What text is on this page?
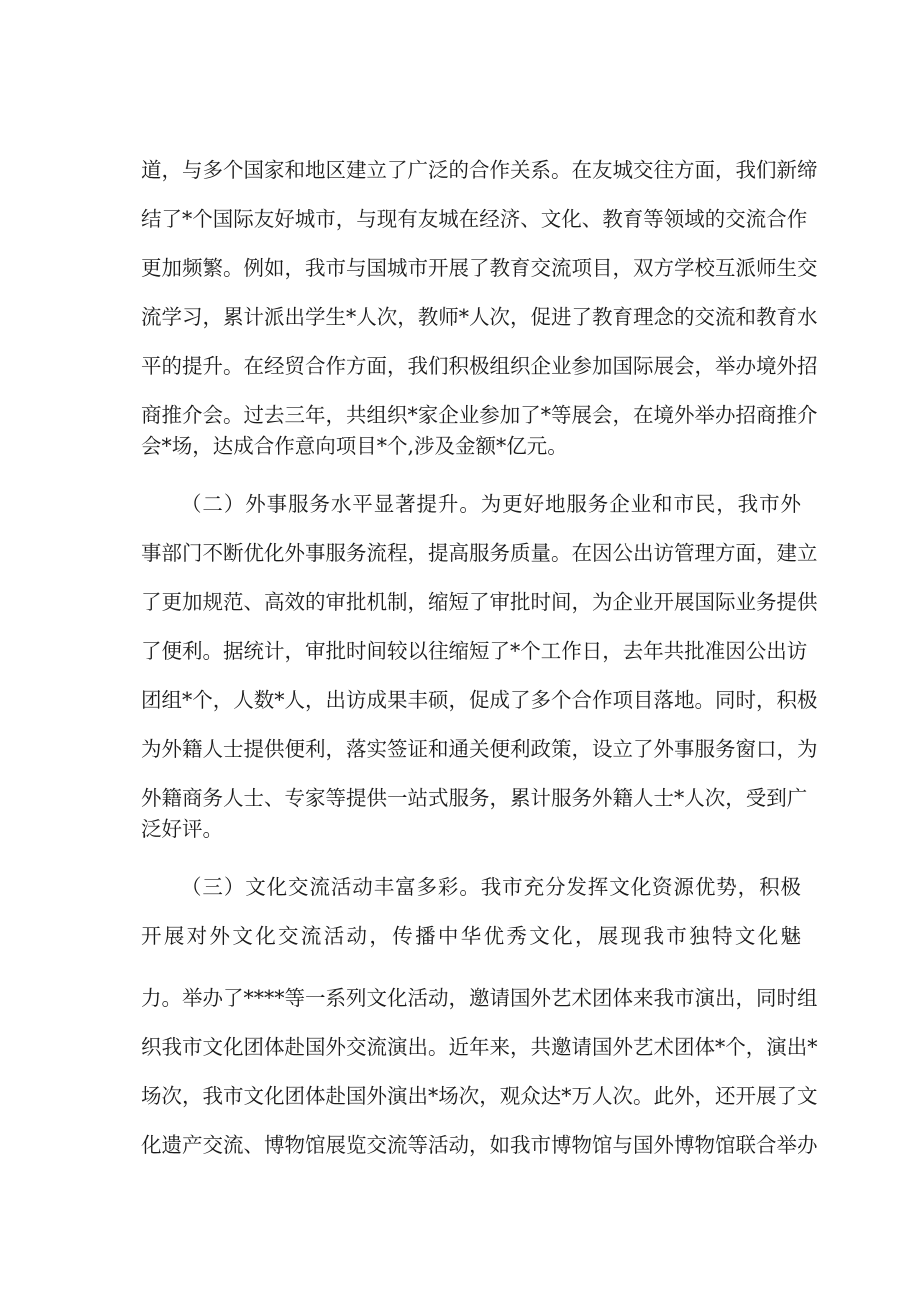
道，与多个国家和地区建立了广泛的合作关系。在友城交往方面，我们新缔
结了*个国际友好城市，与现有友城在经济、文化、教育等领域的交流合作
更加频繁。例如，我市与国城市开展了教育交流项目，双方学校互派师生交
流学习，累计派出学生*人次，教师*人次，促进了教育理念的交流和教育水
平的提升。在经贸合作方面，我们积极组织企业参加国际展会，举办境外招
商推介会。过去三年，共组织*家企业参加了*等展会，在境外举办招商推介
会*场，达成合作意向项目*个,涉及金额*亿元。
（二）外事服务水平显著提升。为更好地服务企业和市民，我市外
事部门不断优化外事服务流程，提高服务质量。在因公出访管理方面，建立
了更加规范、高效的审批机制，缩短了审批时间，为企业开展国际业务提供
了便利。据统计，审批时间较以往缩短了*个工作日，去年共批准因公出访
团组*个，人数*人，出访成果丰硕，促成了多个合作项目落地。同时，积极
为外籍人士提供便利，落实签证和通关便利政策，设立了外事服务窗口，为
外籍商务人士、专家等提供一站式服务，累计服务外籍人士*人次，受到广
泛好评。
（三）文化交流活动丰富多彩。我市充分发挥文化资源优势，积极
开展对外文化交流活动，传播中华优秀文化，展现我市独特文化魅
力。举办了****等一系列文化活动，邀请国外艺术团体来我市演出，同时组
织我市文化团体赴国外交流演出。近年来，共邀请国外艺术团体*个，演出*
场次，我市文化团体赴国外演出*场次，观众达*万人次。此外，还开展了文
化遗产交流、博物馆展览交流等活动，如我市博物馆与国外博物馆联合举办
